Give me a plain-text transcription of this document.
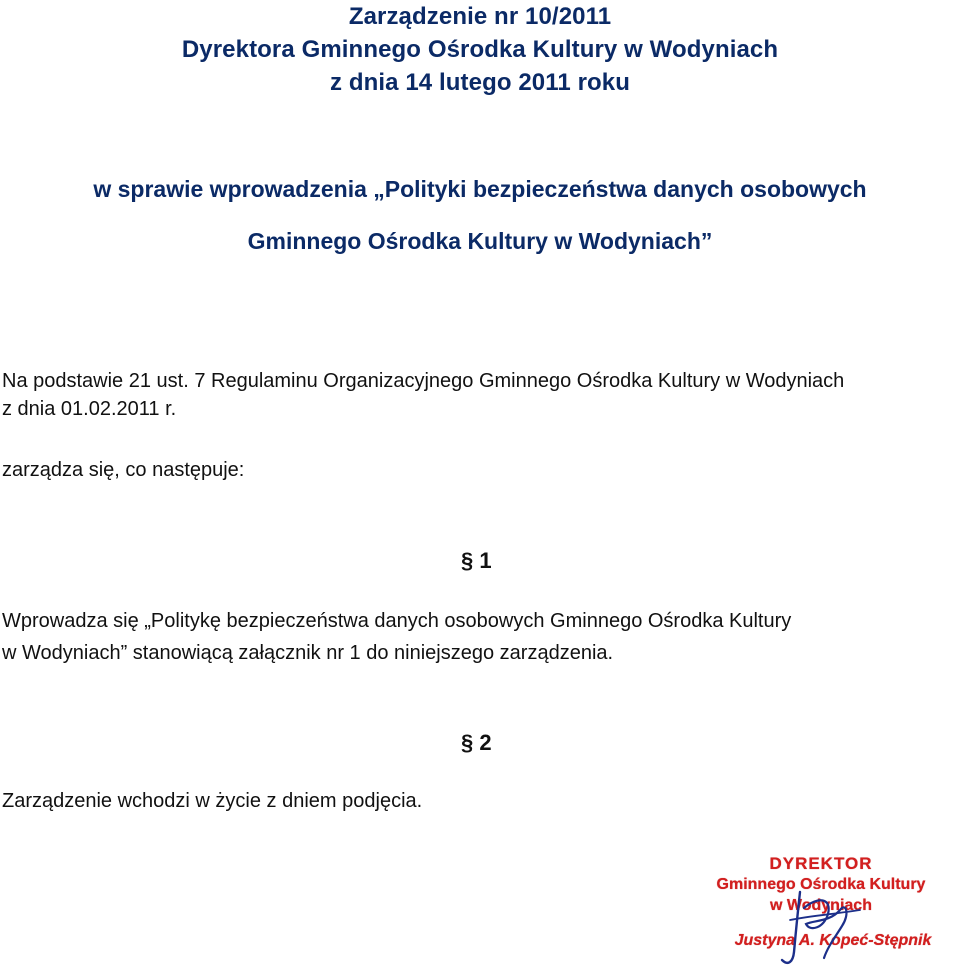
Zarządzenie nr 10/2011
Dyrektora Gminnego Ośrodka Kultury w Wodyniach
z dnia 14 lutego 2011 roku
w sprawie wprowadzenia „Polityki bezpieczeństwa danych osobowych
Gminnego Ośrodka Kultury w Wodyniach”
Na podstawie 21 ust. 7 Regulaminu Organizacyjnego Gminnego Ośrodka Kultury w Wodyniach
z dnia 01.02.2011 r.
zarządza się, co następuje:
§ 1
Wprowadza się „Politykę bezpieczeństwa danych osobowych Gminnego Ośrodka Kultury
w Wodyniach” stanowiącą załącznik nr 1 do niniejszego zarządzenia.
§ 2
Zarządzenie wchodzi w życie z dniem podjęcia.
DYREKTOR
Gminnego Ośrodka Kultury
w Wodyniach
Justyna A. Kopeć-Stępnik
